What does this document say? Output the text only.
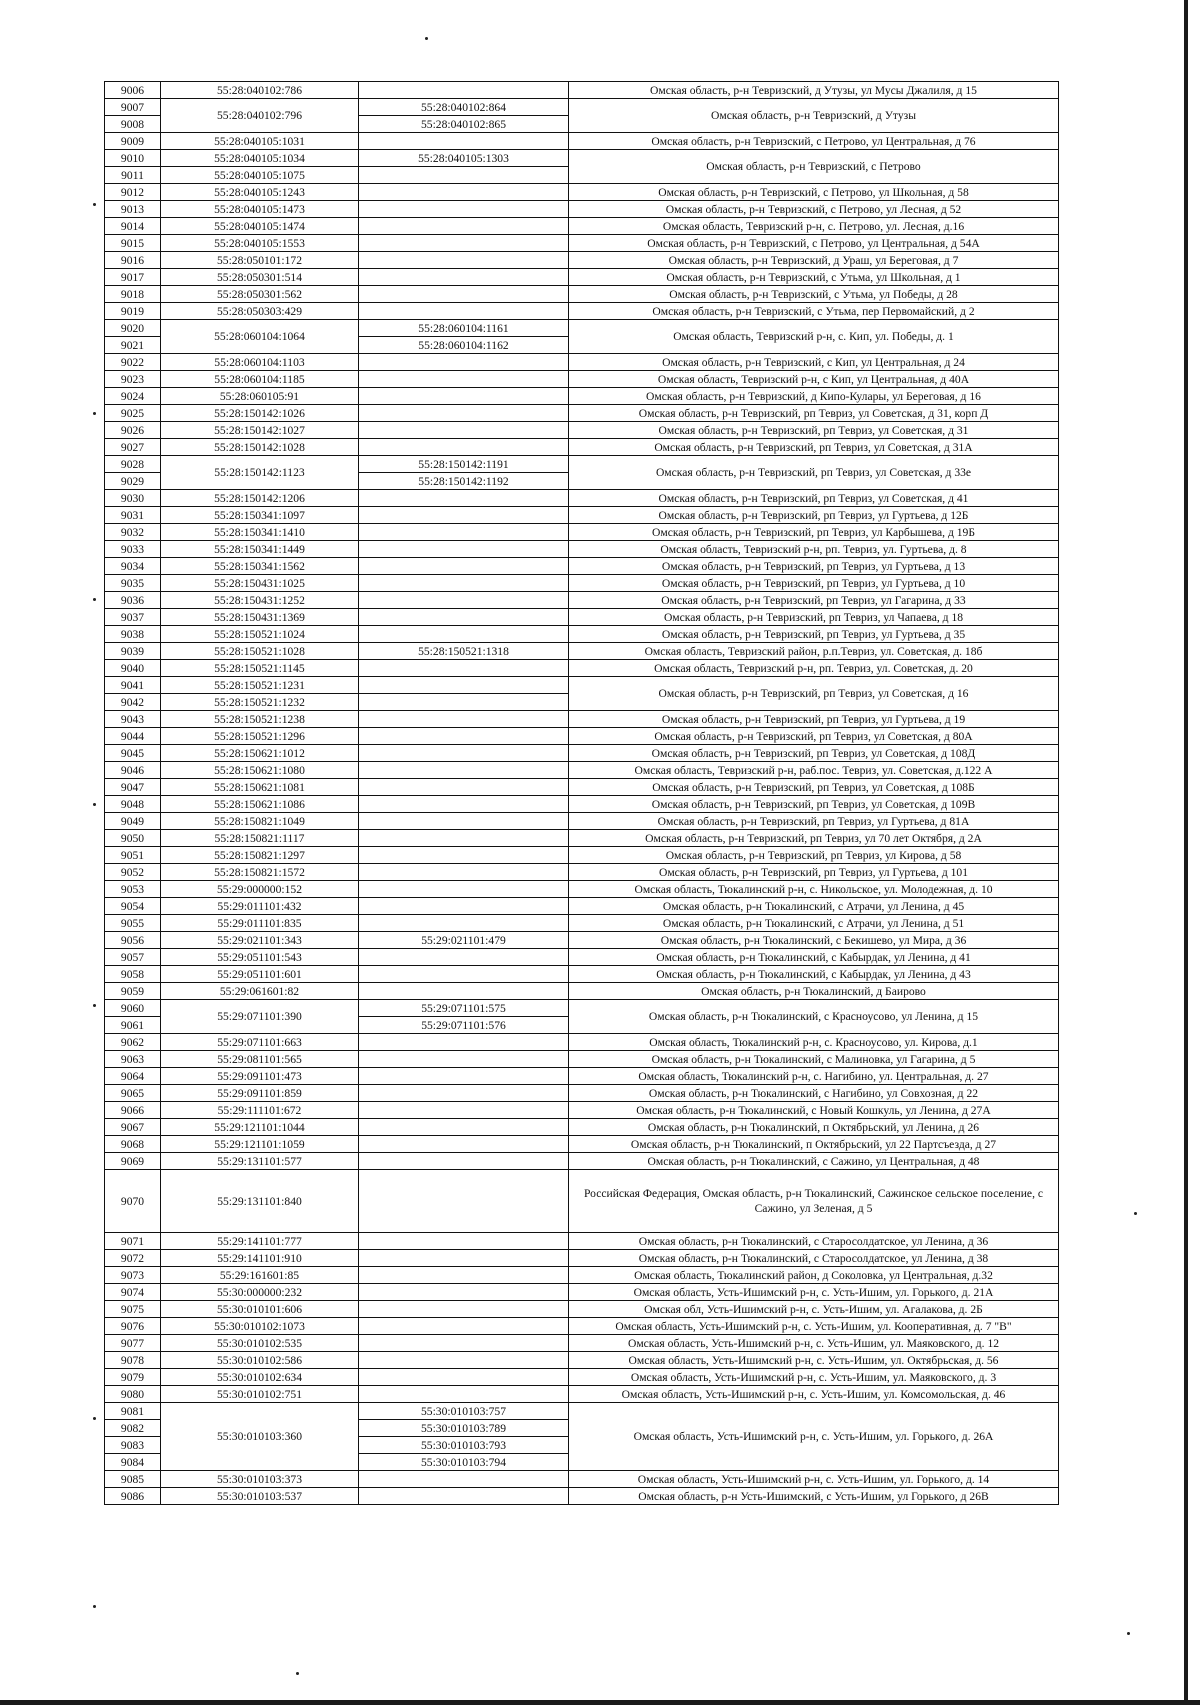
9006	55:28:040102:786		Омская область, р-н Тевризский, д Утузы, ул Мусы Джалиля, д 15
9007	55:28:040102:796	55:28:040102:864	Омская область, р-н Тевризский, д Утузы
9008		55:28:040102:865	
9009	55:28:040105:1031		Омская область, р-н Тевризский, с Петрово, ул Центральная, д 76
9010	55:28:040105:1034	55:28:040105:1303	Омская область, р-н Тевризский, с Петрово
9011	55:28:040105:1075		
9012	55:28:040105:1243		Омская область, р-н Тевризский, с Петрово, ул Школьная, д 58
9013	55:28:040105:1473		Омская область, р-н Тевризский, с Петрово, ул Лесная, д 52
9014	55:28:040105:1474		Омская область, Тевризский р-н, с. Петрово, ул. Лесная, д.16
9015	55:28:040105:1553		Омская область, р-н Тевризский, с Петрово, ул Центральная, д 54А
9016	55:28:050101:172		Омская область, р-н Тевризский, д Ураш, ул Береговая, д 7
9017	55:28:050301:514		Омская область, р-н Тевризский, с Утьма, ул Школьная, д 1
9018	55:28:050301:562		Омская область, р-н Тевризский, с Утьма, ул Победы, д 28
9019	55:28:050303:429		Омская область, р-н Тевризский, с Утьма, пер Первомайский, д 2
9020	55:28:060104:1064	55:28:060104:1161	Омская область, Тевризский р-н, с. Кип, ул. Победы, д. 1
9021		55:28:060104:1162	
9022	55:28:060104:1103		Омская область, р-н Тевризский, с Кип, ул Центральная, д 24
9023	55:28:060104:1185		Омская область, Тевризский р-н, с Кип, ул Центральная, д 40А
9024	55:28:060105:91		Омская область, р-н Тевризский, д Кипо-Кулары, ул Береговая, д 16
9025	55:28:150142:1026		Омская область, р-н Тевризский, рп Тевриз, ул Советская, д 31, корп Д
9026	55:28:150142:1027		Омская область, р-н Тевризский, рп Тевриз, ул Советская, д 31
9027	55:28:150142:1028		Омская область, р-н Тевризский, рп Тевриз, ул Советская, д 31А
9028	55:28:150142:1123	55:28:150142:1191	Омская область, р-н Тевризский, рп Тевриз, ул Советская, д 33е
9029		55:28:150142:1192	
9030	55:28:150142:1206		Омская область, р-н Тевризский, рп Тевриз, ул Советская, д 41
9031	55:28:150341:1097		Омская область, р-н Тевризский, рп Тевриз, ул Гуртьева, д 12Б
9032	55:28:150341:1410		Омская область, р-н Тевризский, рп Тевриз, ул Карбышева, д 19Б
9033	55:28:150341:1449		Омская область, Тевризский р-н, рп. Тевриз, ул. Гуртьева, д. 8
9034	55:28:150341:1562		Омская область, р-н Тевризский, рп Тевриз, ул Гуртьева, д 13
9035	55:28:150431:1025		Омская область, р-н Тевризский, рп Тевриз, ул Гуртьева, д 10
9036	55:28:150431:1252		Омская область, р-н Тевризский, рп Тевриз, ул Гагарина, д 33
9037	55:28:150431:1369		Омская область, р-н Тевризский, рп Тевриз, ул Чапаева, д 18
9038	55:28:150521:1024		Омская область, р-н Тевризский, рп Тевриз, ул Гуртьева, д 35
9039	55:28:150521:1028	55:28:150521:1318	Омская область, Тевризский район, р.п.Тевриз, ул. Советская, д. 18б
9040	55:28:150521:1145		Омская область, Тевризский р-н, рп. Тевриз, ул. Советская, д. 20
9041	55:28:150521:1231		Омская область, р-н Тевризский, рп Тевриз, ул Советская, д 16
9042	55:28:150521:1232		
9043	55:28:150521:1238		Омская область, р-н Тевризский, рп Тевриз, ул Гуртьева, д 19
9044	55:28:150521:1296		Омская область, р-н Тевризский, рп Тевриз, ул Советская, д 80А
9045	55:28:150621:1012		Омская область, р-н Тевризский, рп Тевриз, ул Советская, д 108Д
9046	55:28:150621:1080		Омская область, Тевризский р-н, раб.пос. Тевриз, ул. Советская, д.122 А
9047	55:28:150621:1081		Омская область, р-н Тевризский, рп Тевриз, ул Советская, д 108Б
9048	55:28:150621:1086		Омская область, р-н Тевризский, рп Тевриз, ул Советская, д 109В
9049	55:28:150821:1049		Омская область, р-н Тевризский, рп Тевриз, ул Гуртьева, д 81А
9050	55:28:150821:1117		Омская область, р-н Тевризский, рп Тевриз, ул 70 лет Октября, д 2А
9051	55:28:150821:1297		Омская область, р-н Тевризский, рп Тевриз, ул Кирова, д 58
9052	55:28:150821:1572		Омская область, р-н Тевризский, рп Тевриз, ул Гуртьева, д 101
9053	55:29:000000:152		Омская область, Тюкалинский р-н, с. Никольское, ул. Молодежная, д. 10
9054	55:29:011101:432		Омская область, р-н Тюкалинский, с Атрачи, ул Ленина, д 45
9055	55:29:011101:835		Омская область, р-н Тюкалинский, с Атрачи, ул Ленина, д 51
9056	55:29:021101:343	55:29:021101:479	Омская область, р-н Тюкалинский, с Бекишево, ул Мира, д 36
9057	55:29:051101:543		Омская область, р-н Тюкалинский, с Кабырдак, ул Ленина, д 41
9058	55:29:051101:601		Омская область, р-н Тюкалинский, с Кабырдак, ул Ленина, д 43
9059	55:29:061601:82		Омская область, р-н Тюкалинский, д Баирово
9060	55:29:071101:390	55:29:071101:575	Омская область, р-н Тюкалинский, с Красноусово, ул Ленина, д 15
9061		55:29:071101:576	
9062	55:29:071101:663		Омская область, Тюкалинский р-н, с. Красноусово, ул. Кирова, д.1
9063	55:29:081101:565		Омская область, р-н Тюкалинский, с Малиновка, ул Гагарина, д 5
9064	55:29:091101:473		Омская область, Тюкалинский р-н, с. Нагибино, ул. Центральная, д. 27
9065	55:29:091101:859		Омская область, р-н Тюкалинский, с Нагибино, ул Совхозная, д 22
9066	55:29:111101:672		Омская область, р-н Тюкалинский, с Новый Кошкуль, ул Ленина, д 27А
9067	55:29:121101:1044		Омская область, р-н Тюкалинский, п Октябрьский, ул Ленина, д 26
9068	55:29:121101:1059		Омская область, р-н Тюкалинский, п Октябрьский, ул 22 Партсъезда, д 27
9069	55:29:131101:577		Омская область, р-н Тюкалинский, с Сажино, ул Центральная, д 48
9070	55:29:131101:840		Российская Федерация, Омская область, р-н Тюкалинский, Сажинское сельское поселение, с Сажино, ул Зеленая, д 5
9071	55:29:141101:777		Омская область, р-н Тюкалинский, с Старосолдатское, ул Ленина, д 36
9072	55:29:141101:910		Омская область, р-н Тюкалинский, с Старосолдатское, ул Ленина, д 38
9073	55:29:161601:85		Омская область, Тюкалинский район, д Соколовка, ул Центральная, д.32
9074	55:30:000000:232		Омская область, Усть-Ишимский р-н, с. Усть-Ишим, ул. Горького, д. 21А
9075	55:30:010101:606		Омская обл, Усть-Ишимский р-н, с. Усть-Ишим, ул. Агалакова, д. 2Б
9076	55:30:010102:1073		Омская область, Усть-Ишимский р-н, с. Усть-Ишим, ул. Кооперативная, д. 7 "В"
9077	55:30:010102:535		Омская область, Усть-Ишимский р-н, с. Усть-Ишим, ул. Маяковского, д. 12
9078	55:30:010102:586		Омская область, Усть-Ишимский р-н, с. Усть-Ишим, ул. Октябрьская, д. 56
9079	55:30:010102:634		Омская область, Усть-Ишимский р-н, с. Усть-Ишим, ул. Маяковского, д. 3
9080	55:30:010102:751		Омская область, Усть-Ишимский р-н, с. Усть-Ишим, ул. Комсомольская, д. 46
9081	55:30:010103:360	55:30:010103:757	Омская область, Усть-Ишимский р-н, с. Усть-Ишим, ул. Горького, д. 26А
9082		55:30:010103:789	
9083		55:30:010103:793	
9084		55:30:010103:794	
9085	55:30:010103:373		Омская область, Усть-Ишимский р-н, с. Усть-Ишим, ул. Горького, д. 14
9086	55:30:010103:537		Омская область, р-н Усть-Ишимский, с Усть-Ишим, ул Горького, д 26В
